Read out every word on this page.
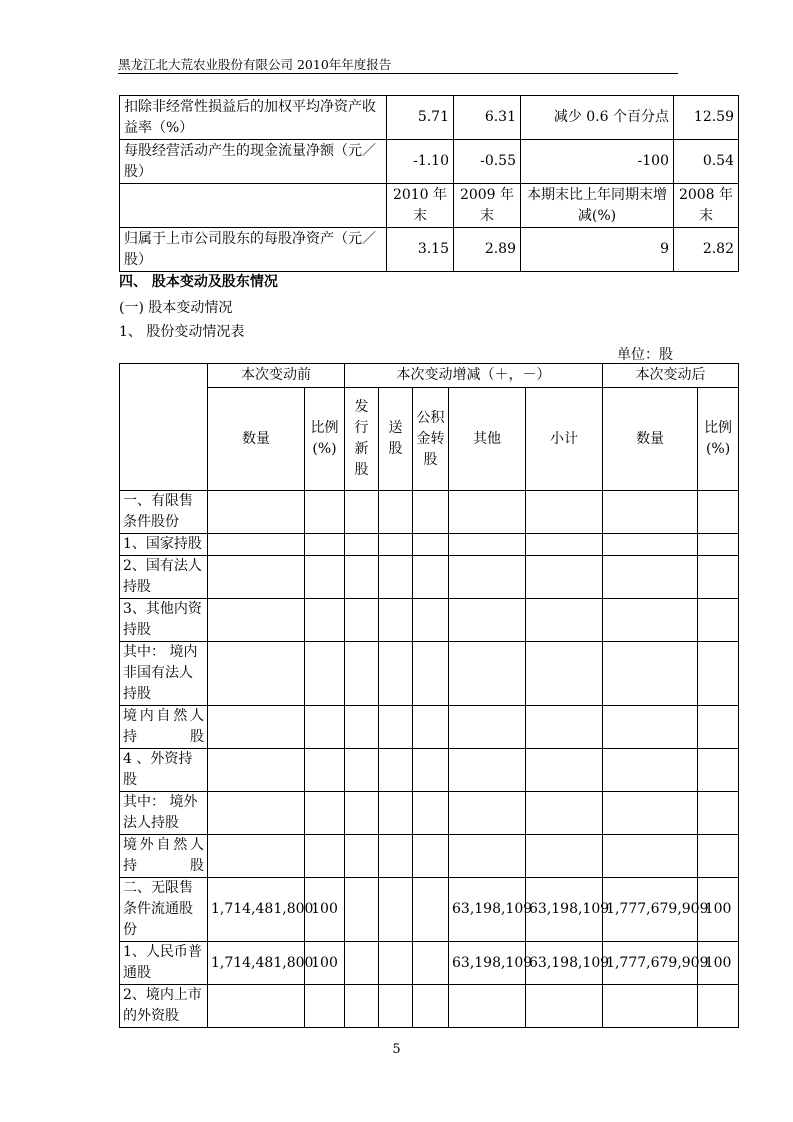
黑龙江北大荒农业股份有限公司 2010年年度报告
扣除非经常性损益后的加权平均净资产收益率（%）	5.71	6.31	减少 0.6 个百分点	12.59
每股经营活动产生的现金流量净额（元／股）	-1.10	-0.55	-100	0.54
	2010 年末	2009 年末	本期末比上年同期末增减(%)	2008 年末
归属于上市公司股东的每股净资产（元／股）	3.15	2.89	9	2.82
四、 股本变动及股东情况
(一) 股本变动情况
1、 股份变动情况表
单位：股
	本次变动前		本次变动增减（＋，－）					本次变动后	
	数量	比例(%)	发行新股	送股	公积金转股	其他	小计	数量	比例(%)
一、有限售条件股份									
1、国家持股									
2、国有法人持股									
3、其他内资持股									
其中： 境内非国有法人持股									
境内自然人持股									
4 、外资持股									
其中： 境外法人持股									
境外自然人持股									
二、无限售条件流通股份	1,714,481,800	100				63,198,109	63,198,109	1,777,679,909	100
1、人民币普通股	1,714,481,800	100				63,198,109	63,198,109	1,777,679,909	100
2、境内上市的外资股									
5
